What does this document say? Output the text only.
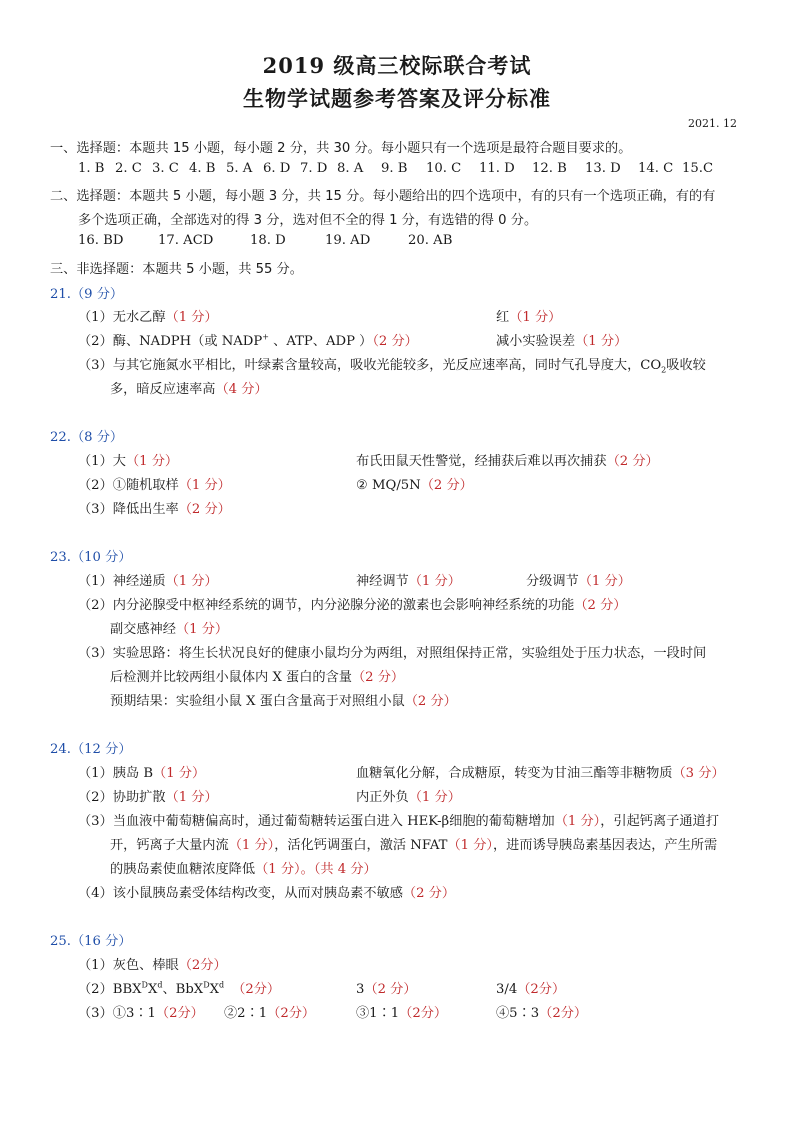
2019 级高三校际联合考试
生物学试题参考答案及评分标准
2021. 12
一、选择题：本题共 15 小题，每小题 2 分，共 30 分。每小题只有一个选项是最符合题目要求的。
1. B 2. C 3. C 4. B 5. A 6. D 7. D 8. A 9. B 10. C 11. D 12. B 13. D 14. C 15.C
二、选择题：本题共 5 小题，每小题 3 分，共 15 分。每小题给出的四个选项中，有的只有一个选项正确，有的有
多个选项正确，全部选对的得 3 分，选对但不全的得 1 分，有选错的得 0 分。
16. BD	17. ACD	18. D	19. AD	20. AB
三、非选择题：本题共 5 小题，共 55 分。
21.（9 分）
（1）无水乙醇（1 分）	红（1 分）
（2）酶、NADPH（或 NADP+ 、ATP、ADP ）（2 分）	减小实验误差（1 分）
（3）与其它施氮水平相比，叶绿素含量较高，吸收光能较多，光反应速率高，同时气孔导度大，$CO_2$吸收较
多，暗反应速率高（4 分）
22.（8 分）
（1）大（1 分）	布氏田鼠天性警觉，经捕获后难以再次捕获（2 分）
（2）①随机取样（1 分）	② MQ/5N（2 分）
（3）降低出生率（2 分）
23.（10 分）
（1）神经递质（1 分）	神经调节（1 分）	分级调节（1 分）
（2）内分泌腺受中枢神经系统的调节，内分泌腺分泌的激素也会影响神经系统的功能（2 分）
副交感神经（1 分）
（3）实验思路：将生长状况良好的健康小鼠均分为两组，对照组保持正常，实验组处于压力状态，一段时间
后检测并比较两组小鼠体内 X 蛋白的含量（2 分）
预期结果：实验组小鼠 X 蛋白含量高于对照组小鼠（2 分）
24.（12 分）
（1）胰岛 B（1 分）	血糖氧化分解，合成糖原，转变为甘油三酯等非糖物质（3 分）
（2）协助扩散（1 分）	内正外负（1 分）
（3）当血液中葡萄糖偏高时，通过葡萄糖转运蛋白进入 HEK-β细胞的葡萄糖增加（1 分），引起钙离子通道打
开，钙离子大量内流（1 分），活化钙调蛋白，激活 NFAT（1 分），进而诱导胰岛素基因表达，产生所需
的胰岛素使血糖浓度降低（1 分）。（共 4 分）
（4）该小鼠胰岛素受体结构改变，从而对胰岛素不敏感（2 分）
25.（16 分）
（1）灰色、棒眼（2分）
$(2)BBX^DX^d$、$BbX^DX^d$ （2分）	3（2 分）	3/4（2分）
（3）①3∶1（2分） ②2∶1（2分）	③1∶1（2分）	④5∶3（2分）
